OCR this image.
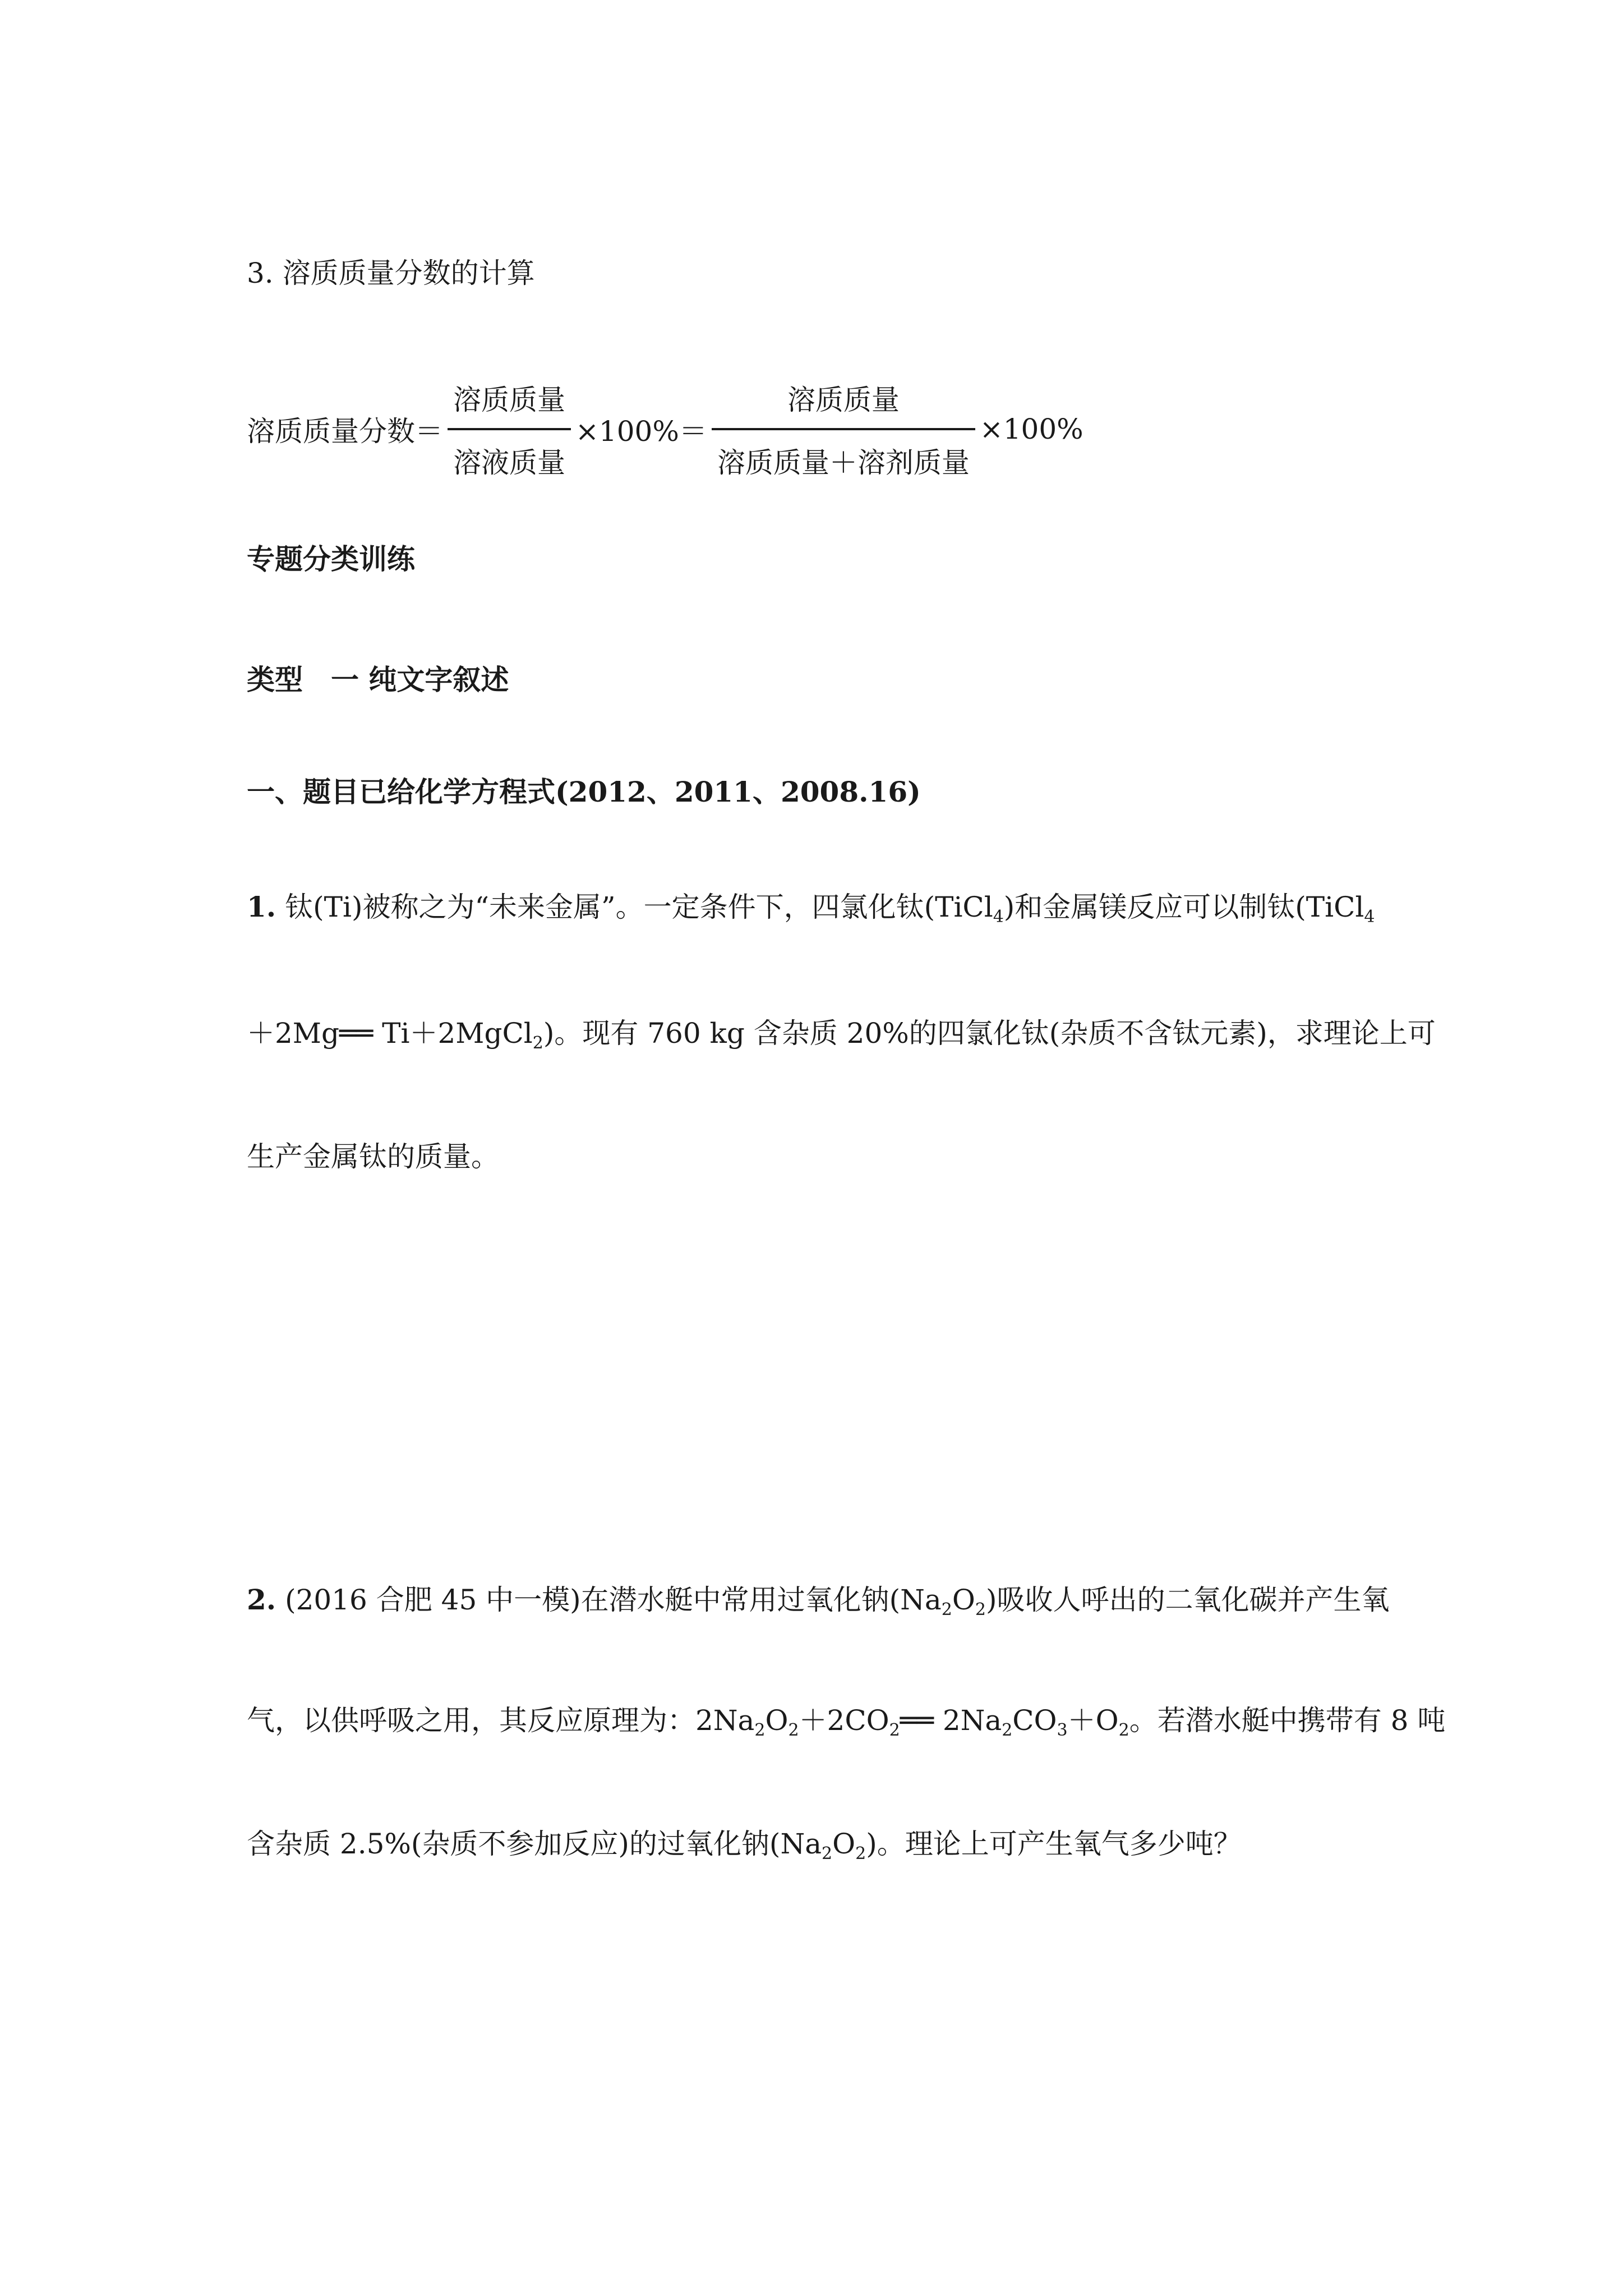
3. 溶质质量分数的计算

溶质质量分数＝ $\frac{\text{溶质质量}}{\text{溶液质量}} \times 100\%= \frac{\text{溶质质量}}{\text{溶质质量＋溶剂质量}} \times 100\%$

专题分类训练

类型　一 纯文字叙述

一、题目已给化学方程式(2012、2011、2008.16)

1. 钛(Ti)被称之为“未来金属”。一定条件下，四氯化钛(TiCl$_4$)和金属镁反应可以制钛(TiCl$_4$

＋2Mg══ Ti＋2MgCl$_2$)。现有 760 kg 含杂质 20%的四氯化钛(杂质不含钛元素)，求理论上可

生产金属钛的质量。

2. (2016 合肥 45 中一模)在潜水艇中常用过氧化钠$(Na_2O_2)$吸收人呼出的二氧化碳并产生氧

气，以供呼吸之用，其反应原理为：$2Na_2O_2+2CO_2══$ $2Na_2CO_3+O_2$。若潜水艇中携带有 8 吨

含杂质 2.5%(杂质不参加反应)的过氧化钠$(Na_2O_2)$。理论上可产生氧气多少吨？
